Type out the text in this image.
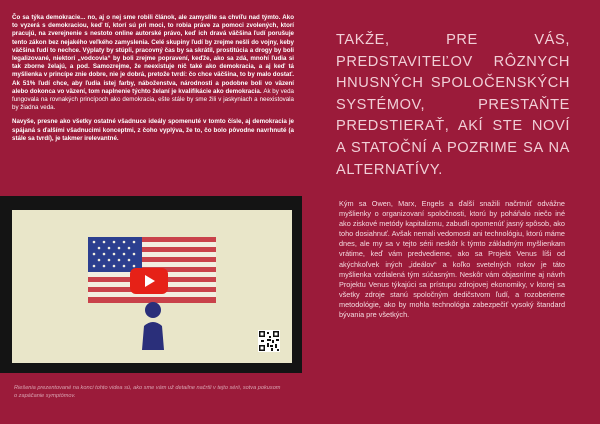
Čo sa týka demokracie... no, aj o nej sme robili článok, ale zamyslite sa chvíľu nad týmto. Ako to vyzerá s demokraciou, keď tí, ktorí sú pri moci, to robia práve za pomoci zvolených, ktorí pracujú, na zverejnenie s nestoto online autorské právo, keď ich dravá väčšina ľudí porušuje tento zákon bez nejakého veľkého zamyslenia. Celé skupiny ľudí by zrejme nešli do vojny, keby väčšina ľudí to nechce. Výplaty by stúpli, pracovný čas by sa skrátil, prostitúcia a drogy by boli legalizované, niektorí „vodcovia“ by boli zrejme popravení, keďže, ako sa zdá, mnohí ľudia si tak zborne želajú, a pod. Samozrejme, že neexistuje nič také ako demokracia, a aj keď tá myšlienka v princípe znie dobre, nie je dobrá, pretože tvrdí: čo chce väčšina, to by malo dostať. Ak 51% ľudí chce, aby ľudia istej farby, náboženstva, národnosti a podobne boli vo väzení alebo dokonca vo väzení, tom naplnenie týchto želaní je kvalifikácie ako demokracia. Ak by veda fungovala na rovnakých princípoch ako demokracia, ešte stále by sme žili v jaskyniach a neexistovala by žiadna veda.

Navyše, presne ako všetky ostatné všadnuce ideály spomenuté v tomto čísle, aj demokracia je spájaná s ďalšími všadnucimi konceptmi, z čoho vyplýva, že to, čo bolo pôvodne navrhnuté (a stále sa tvrdí), je takmer irelevantné.

Riešenia prezentované na konci tohto videa sú, ako sme vám už detailne načrtli v tejto sérii, sotva pokusom o zapáčanie symptómov.
TAKŽE, PRE VÁS, PREDSTAVITEĽOV RÔZNYCH HNUSNÝCH SPOLOČENSKÝCH SYSTÉMOV, PRESTAŇTE PREDSTIERAŤ, AKÍ STE NOVÍ A STATOČNÍ A POZRIME SA NA ALTERNATÍVY.

Kým sa Owen, Marx, Engels a ďalší snažili načrtnúť odvážne myšlienky o organizovaní spoločnosti, ktorú by poháňalo niečo iné ako ziskové metódy kapitalizmu, zabudli opomenúť jasný spôsob, ako toho dosiahnuť. Avšak nemali vedomosti ani technológiu, ktorú máme dnes, ale my sa v tejto sérii neskôr k týmto základným myšlienkam vrátime, keď vám predvedieme, ako sa Projekt Venus líši od akýchkoľvek iných „ideálov“ a koľko svetelných rokov je táto myšlienka vzdialená tým súčasným. Neskôr vám objasníme aj návrh Projektu Venus týkajúci sa prístupu zdrojovej ekonomiky, v ktorej sa všetky zdroje stanú spoločným dedičstvom ľudí, a rozoberieme metodológie, ako by mohla technológia zabezpečiť vysoký štandard bývania pre všetkých.
